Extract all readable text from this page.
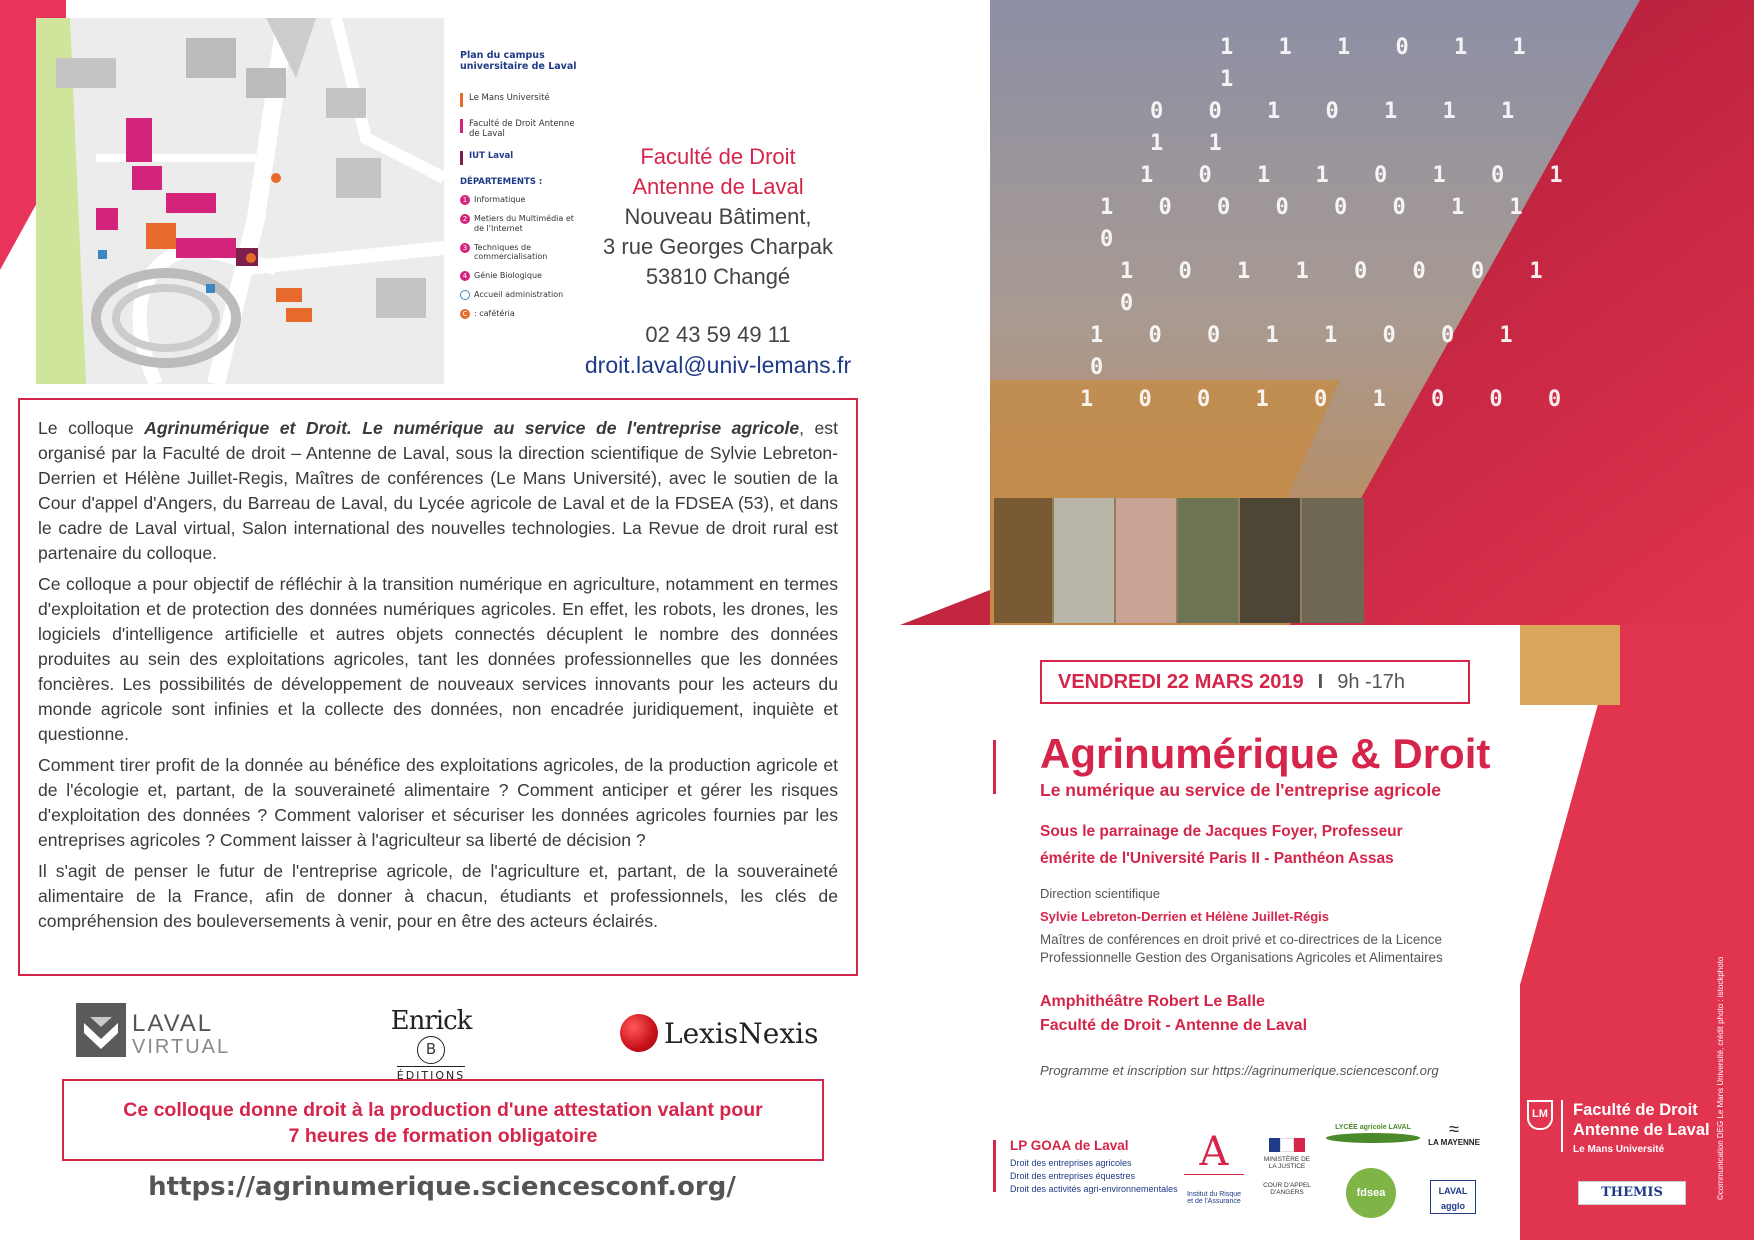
Plan du campus universitaire de Laval
Le Mans Université
Faculté de Droit Antenne de Laval
IUT Laval
DÉPARTEMENTS :
1 Informatique
2 Metiers du Multimédia et de l'Internet
3 Techniques de commercialisation
4 Génie Biologique
Accueil administration
C : cafétéria
Faculté de Droit
Antenne de Laval
Nouveau Bâtiment,
3 rue Georges Charpak
53810 Changé
02 43 59 49 11
droit.laval@univ-lemans.fr

Le colloque Agrinumérique et Droit. Le numérique au service de l'entreprise agricole, est organisé par la Faculté de droit – Antenne de Laval, sous la direction scientifique de Sylvie Lebreton-Derrien et Hélène Juillet-Regis, Maîtres de conférences (Le Mans Université), avec le soutien de la Cour d'appel d'Angers, du Barreau de Laval, du Lycée agricole de Laval et de la FDSEA (53), et dans le cadre de Laval virtual, Salon international des nouvelles technologies. La Revue de droit rural est partenaire du colloque.

Ce colloque a pour objectif de réfléchir à la transition numérique en agriculture, notamment en termes d'exploitation et de protection des données numériques agricoles. En effet, les robots, les drones, les logiciels d'intelligence artificielle et autres objets connectés décuplent le nombre des données produites au sein des exploitations agricoles, tant les données professionnelles que les données foncières. Les possibilités de développement de nouveaux services innovants pour les acteurs du monde agricole sont infinies et la collecte des données, non encadrée juridiquement, inquiète et questionne.

Comment tirer profit de la donnée au bénéfice des exploitations agricoles, de la production agricole et de l'écologie et, partant, de la souveraineté alimentaire ? Comment anticiper et gérer les risques d'exploitation des données ? Comment valoriser et sécuriser les données agricoles fournies par les entreprises agricoles ? Comment laisser à l'agriculteur sa liberté de décision ?

Il s'agit de penser le futur de l'entreprise agricole, de l'agriculture et, partant, de la souveraineté alimentaire de la France, afin de donner à chacun, étudiants et professionnels, les clés de compréhension des bouleversements à venir, pour en être des acteurs éclairés.

LAVAL
VIRTUAL
Enrick B
ÉDITIONS
LexisNexis
Ce colloque donne droit à la production d'une attestation valant pour
7 heures de formation obligatoire
https://agrinumerique.sciencesconf.org/
1 1 1 0 1 1 1
0 0 1 0 1 1 1 1 1
1 0 1 1 0 1 0 1
1 0 0 0 0 0 1 1 0
1 0 1 1 0 0 0 1 0
1 0 0 1 1 0 0 1 0
1 0 0 1 0 1 0 0 0
VENDREDI 22 MARS 2019 I 9h -17h
Agrinumérique & Droit
Le numérique au service de l'entreprise agricole
Sous le parrainage de Jacques Foyer, Professeur
émérite de l'Université Paris II - Panthéon Assas
Direction scientifique
Sylvie Lebreton-Derrien et Hélène Juillet-Régis
Maîtres de conférences en droit privé et co-directrices de la Licence Professionnelle Gestion des Organisations Agricoles et Alimentaires
Amphithéâtre Robert Le Balle
Faculté de Droit - Antenne de Laval
Programme et inscription sur https://agrinumerique.sciencesconf.org
LP GOAA de Laval
Droit des entreprises agricoles
Droit des entreprises équestres
Droit des activités agri-environnementales
A
Institut du Risque et de l'Assurance
MINISTÈRE DE LA JUSTICE
COUR D'APPEL D'ANGERS
LYCÉE agricole LAVAL
fdsea
≈
LA MAYENNE
LAVAL agglo
LM	Faculté de Droit
Antenne de Laval
Le Mans Université
THEMIS	©communication DEG Le Mans Université, crédit photo : istockphoto
